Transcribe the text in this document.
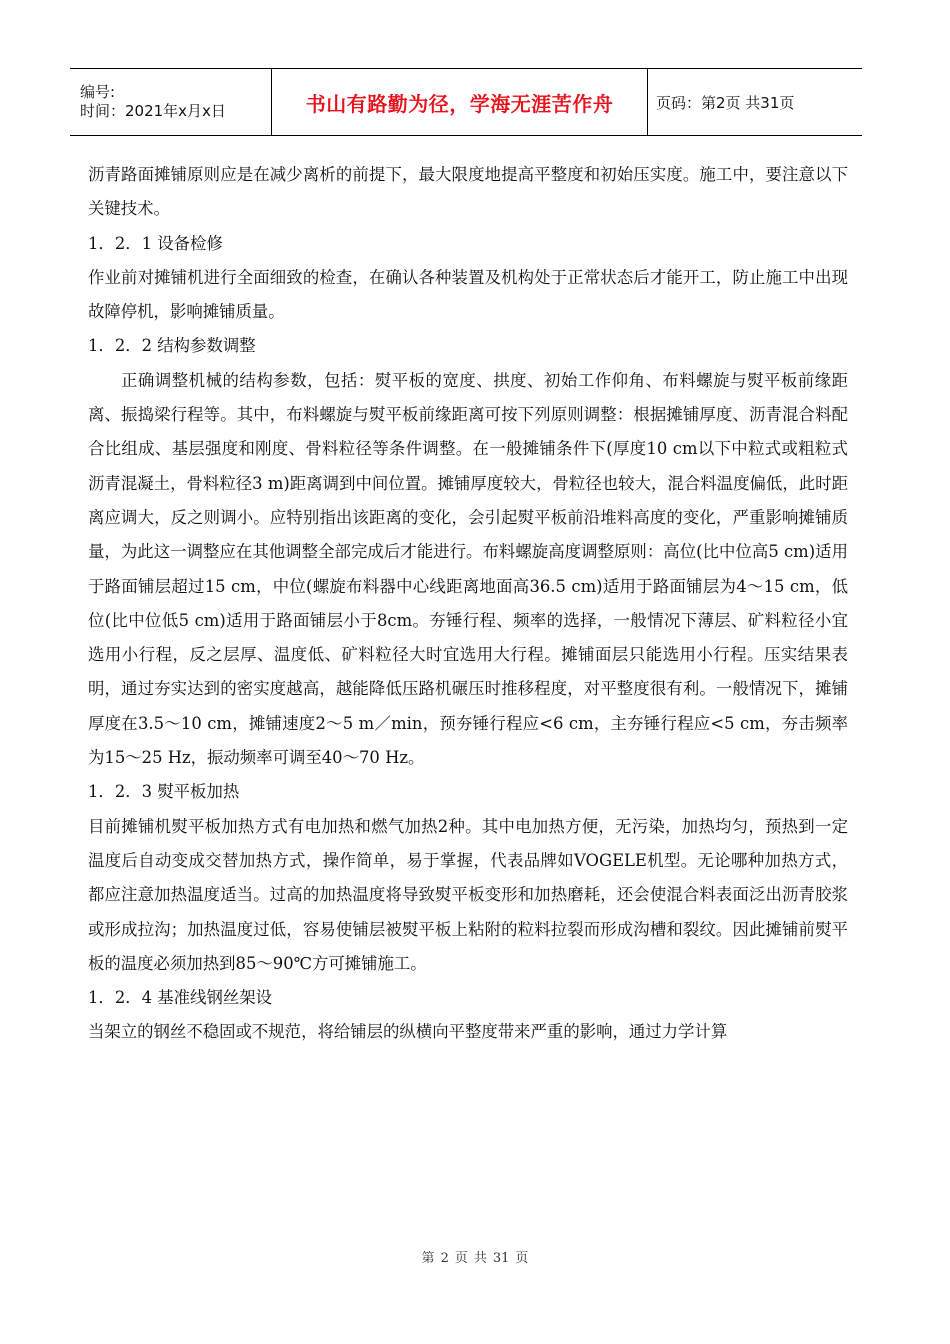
编号:
时间：2021年x月x日	书山有路勤为径，学海无涯苦作舟	页码：第2页 共31页

沥青路面摊铺原则应是在减少离析的前提下，最大限度地提高平整度和初始压实度。施工中，要注意以下关键技术。

1．2．1 设备检修

作业前对摊铺机进行全面细致的检查，在确认各种装置及机构处于正常状态后才能开工，防止施工中出现故障停机，影响摊铺质量。

1．2．2 结构参数调整

正确调整机械的结构参数，包括：熨平板的宽度、拱度、初始工作仰角、布料螺旋与熨平板前缘距离、振捣梁行程等。其中，布料螺旋与熨平板前缘距离可按下列原则调整：根据摊铺厚度、沥青混合料配合比组成、基层强度和刚度、骨料粒径等条件调整。在一般摊铺条件下(厚度10 cm以下中粒式或粗粒式沥青混凝土，骨料粒径3 m)距离调到中间位置。摊铺厚度较大，骨粒径也较大，混合料温度偏低，此时距离应调大，反之则调小。应特别指出该距离的变化，会引起熨平板前沿堆料高度的变化，严重影响摊铺质量，为此这一调整应在其他调整全部完成后才能进行。布料螺旋高度调整原则：高位(比中位高5 cm)适用于路面铺层超过15 cm，中位(螺旋布料器中心线距离地面高36.5 cm)适用于路面铺层为4～15 cm，低位(比中位低5 cm)适用于路面铺层小于8cm。夯锤行程、频率的选择，一般情况下薄层、矿料粒径小宜选用小行程，反之层厚、温度低、矿料粒径大时宜选用大行程。摊铺面层只能选用小行程。压实结果表明，通过夯实达到的密实度越高，越能降低压路机碾压时推移程度，对平整度很有利。一般情况下，摊铺厚度在3.5～10 cm，摊铺速度2～5 m／min，预夯锤行程应<6 cm，主夯锤行程应<5 cm，夯击频率为15～25 Hz，振动频率可调至40～70 Hz。

1．2．3 熨平板加热

目前摊铺机熨平板加热方式有电加热和燃气加热2种。其中电加热方便，无污染，加热均匀，预热到一定温度后自动变成交替加热方式，操作简单，易于掌握，代表品牌如VOGELE机型。无论哪种加热方式，都应注意加热温度适当。过高的加热温度将导致熨平板变形和加热磨耗，还会使混合料表面泛出沥青胶浆或形成拉沟；加热温度过低，容易使铺层被熨平板上粘附的粒料拉裂而形成沟槽和裂纹。因此摊铺前熨平板的温度必须加热到85～90℃方可摊铺施工。

1．2．4 基准线钢丝架设

当架立的钢丝不稳固或不规范，将给铺层的纵横向平整度带来严重的影响，通过力学计算

第 2 页 共 31 页
